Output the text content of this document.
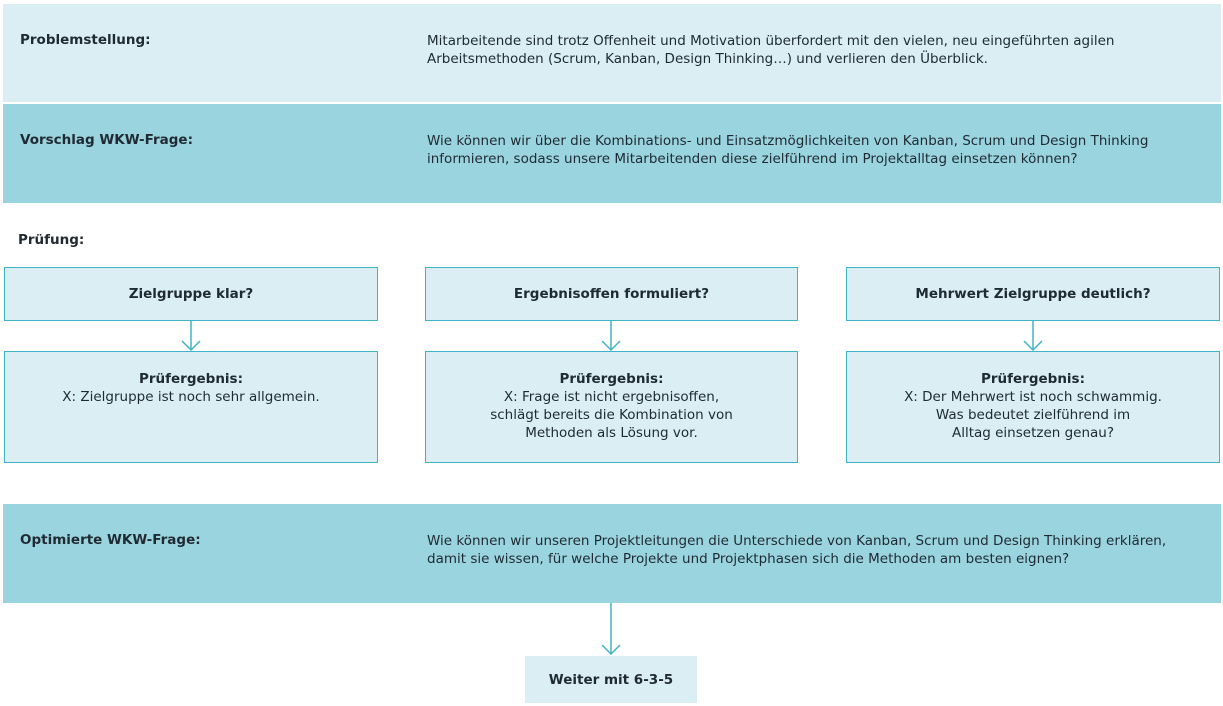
Problemstellung:	Mitarbeitende sind trotz Offenheit und Motivation überfordert mit den vielen, neu eingeführten agilen Arbeitsmethoden (Scrum, Kanban, Design Thinking…) und verlieren den Überblick.
Vorschlag WKW-Frage:	Wie können wir über die Kombinations- und Einsatzmöglichkeiten von Kanban, Scrum und Design Thinking informieren, sodass unsere Mitarbeitenden diese zielführend im Projektalltag einsetzen können?
Prüfung:
Zielgruppe klar?	Ergebnisoffen formuliert?	Mehrwert Zielgruppe deutlich?
Prüfergebnis:
X: Zielgruppe ist noch sehr allgemein.
Prüfergebnis:
X: Frage ist nicht ergebnisoffen,
schlägt bereits die Kombination von
Methoden als Lösung vor.
Prüfergebnis:
X: Der Mehrwert ist noch schwammig.
Was bedeutet zielführend im
Alltag einsetzen genau?
Optimierte WKW-Frage:	Wie können wir unseren Projektleitungen die Unterschiede von Kanban, Scrum und Design Thinking erklären, damit sie wissen, für welche Projekte und Projektphasen sich die Methoden am besten eignen?
Weiter mit 6-3-5
